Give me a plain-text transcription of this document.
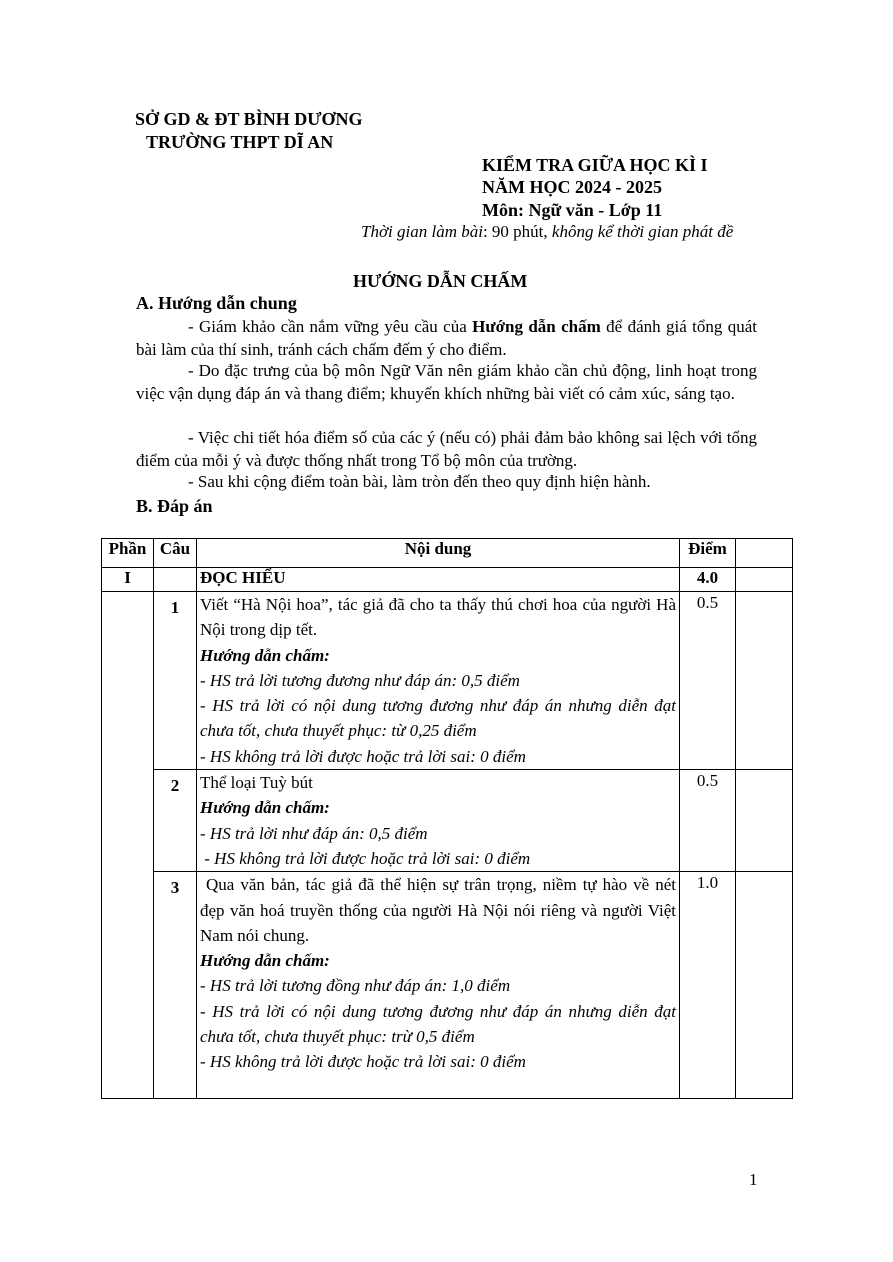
SỞ GD & ĐT BÌNH DƯƠNG
TRƯỜNG THPT DĨ AN
KIỂM TRA GIỮA HỌC KÌ I
NĂM HỌC 2024 - 2025
Môn: Ngữ văn - Lớp 11
Thời gian làm bài: 90 phút, không kể thời gian phát đề
HƯỚNG DẪN CHẤM
A. Hướng dẫn chung
- Giám khảo cần nắm vững yêu cầu của Hướng dẫn chấm để đánh giá tổng quát bài làm của thí sinh, tránh cách chấm đếm ý cho điểm.
- Do đặc trưng của bộ môn Ngữ Văn nên giám khảo cần chủ động, linh hoạt trong việc vận dụng đáp án và thang điểm; khuyến khích những bài viết có cảm xúc, sáng tạo.
- Việc chi tiết hóa điểm số của các ý (nếu có) phải đảm bảo không sai lệch với tổng điểm của mỗi ý và được thống nhất trong Tổ bộ môn của trường.
- Sau khi cộng điểm toàn bài, làm tròn đến theo quy định hiện hành.
B. Đáp án
Phần	Câu	Nội dung	Điểm	
I		ĐỌC HIỂU	4.0	
	1	Viết “Hà Nội hoa”, tác giả đã cho ta thấy thú chơi hoa của người Hà Nội trong dịp tết.
Hướng dẫn chấm:
- HS trả lời tương đương như đáp án: 0,5 điểm
- HS trả lời có nội dung tương đương như đáp án nhưng diễn đạt chưa tốt, chưa thuyết phục: từ 0,25 điểm
- HS không trả lời được hoặc trả lời sai: 0 điểm	0.5	

	2	Thể loại Tuỳ bút
Hướng dẫn chấm:
- HS trả lời như đáp án: 0,5 điểm
- HS không trả lời được hoặc trả lời sai: 0 điểm	0.5	

	3	Qua văn bản, tác giả đã thể hiện sự trân trọng, niềm tự hào về nét đẹp văn hoá truyền thống của người Hà Nội nói riêng và người Việt Nam nói chung.
Hướng dẫn chấm:
- HS trả lời tương đồng như đáp án: 1,0 điểm
- HS trả lời có nội dung tương đương như đáp án nhưng diễn đạt chưa tốt, chưa thuyết phục: trừ 0,5 điểm
- HS không trả lời được hoặc trả lời sai: 0 điểm	1.0	

1
